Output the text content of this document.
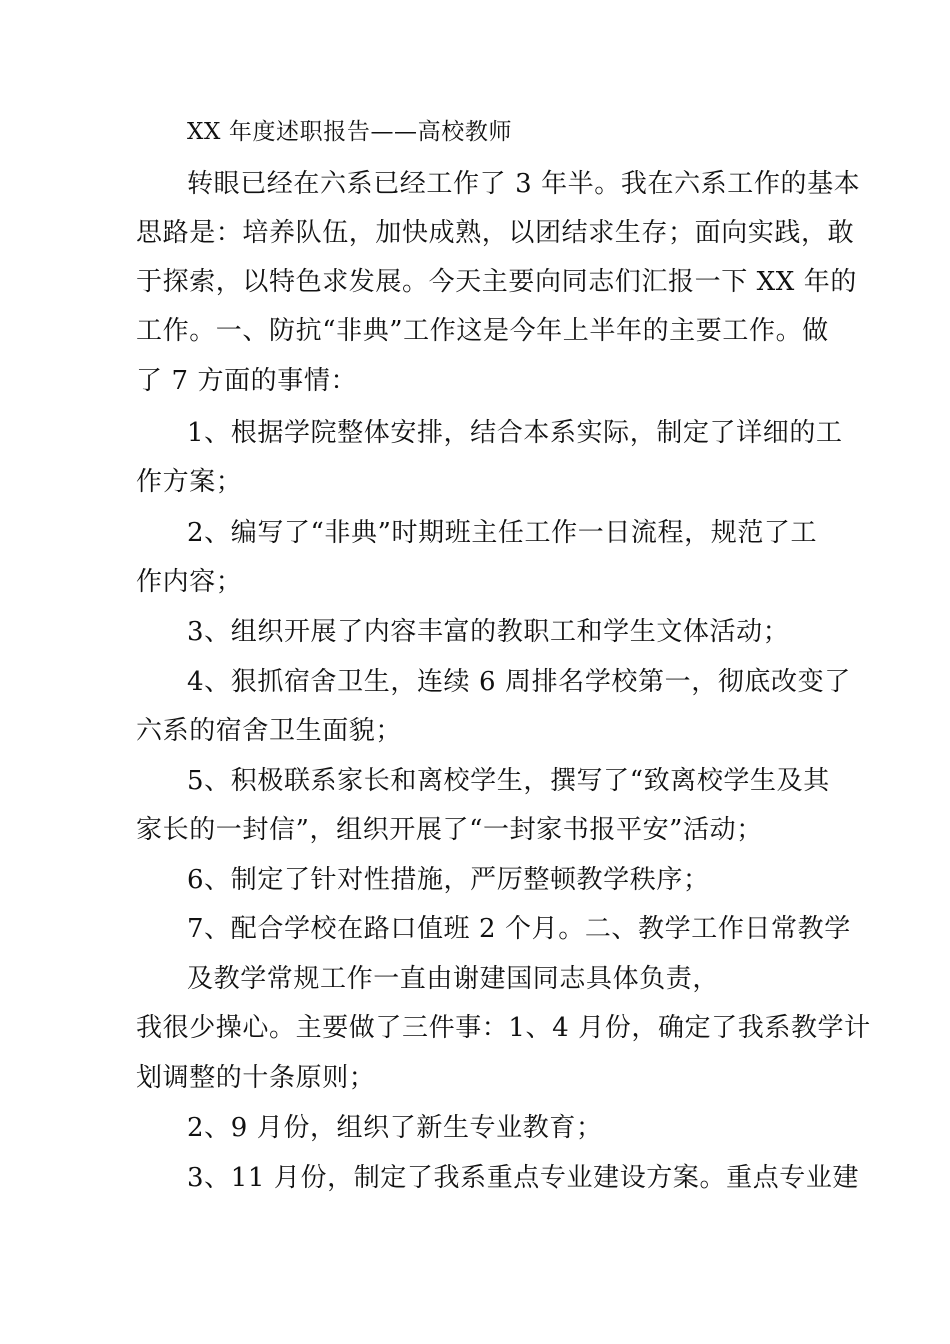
XX 年度述职报告——高校教师
转眼已经在六系已经工作了 3 年半。我在六系工作的基本
思路是：培养队伍，加快成熟，以团结求生存；面向实践，敢
于探索，以特色求发展。今天主要向同志们汇报一下 XX 年的
工作。一、防抗“非典”工作这是今年上半年的主要工作。做
了 7 方面的事情：
1、根据学院整体安排，结合本系实际，制定了详细的工
作方案；
2、编写了“非典”时期班主任工作一日流程，规范了工
作内容；
3、组织开展了内容丰富的教职工和学生文体活动；
4、狠抓宿舍卫生，连续 6 周排名学校第一，彻底改变了
六系的宿舍卫生面貌；
5、积极联系家长和离校学生，撰写了“致离校学生及其
家长的一封信”，组织开展了“一封家书报平安”活动；
6、制定了针对性措施，严厉整顿教学秩序；
7、配合学校在路口值班 2 个月。二、教学工作日常教学
及教学常规工作一直由谢建国同志具体负责，
我很少操心。主要做了三件事：1、4 月份，确定了我系教学计
划调整的十条原则；
2、9 月份，组织了新生专业教育；
3、11 月份，制定了我系重点专业建设方案。重点专业建
